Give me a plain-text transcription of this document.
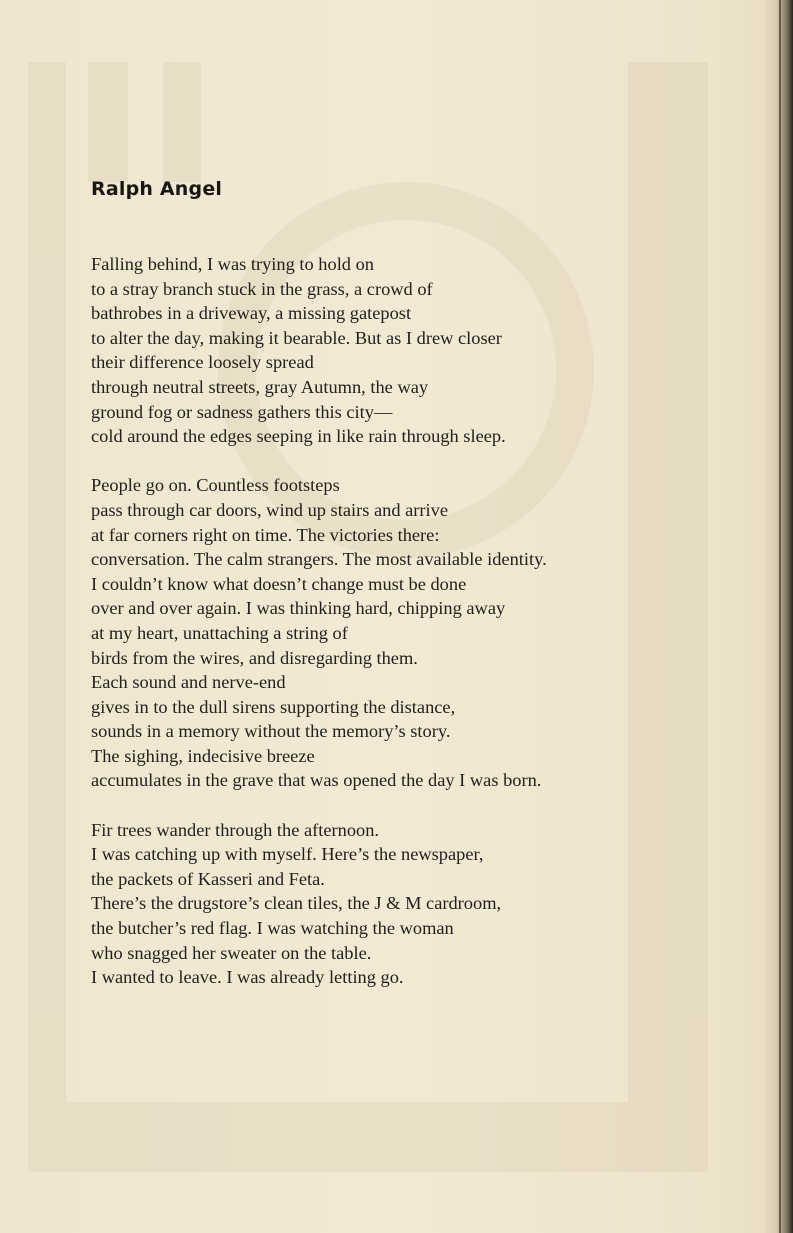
Ralph Angel
Falling behind, I was trying to hold on
to a stray branch stuck in the grass, a crowd of
bathrobes in a driveway, a missing gatepost
to alter the day, making it bearable. But as I drew closer
their difference loosely spread
through neutral streets, gray Autumn, the way
ground fog or sadness gathers this city—
cold around the edges seeping in like rain through sleep.
People go on. Countless footsteps
pass through car doors, wind up stairs and arrive
at far corners right on time. The victories there:
conversation. The calm strangers. The most available identity.
I couldn’t know what doesn’t change must be done
over and over again. I was thinking hard, chipping away
at my heart, unattaching a string of
birds from the wires, and disregarding them.
Each sound and nerve-end
gives in to the dull sirens supporting the distance,
sounds in a memory without the memory’s story.
The sighing, indecisive breeze
accumulates in the grave that was opened the day I was born.
Fir trees wander through the afternoon.
I was catching up with myself. Here’s the newspaper,
the packets of Kasseri and Feta.
There’s the drugstore’s clean tiles, the J & M cardroom,
the butcher’s red flag. I was watching the woman
who snagged her sweater on the table.
I wanted to leave. I was already letting go.
